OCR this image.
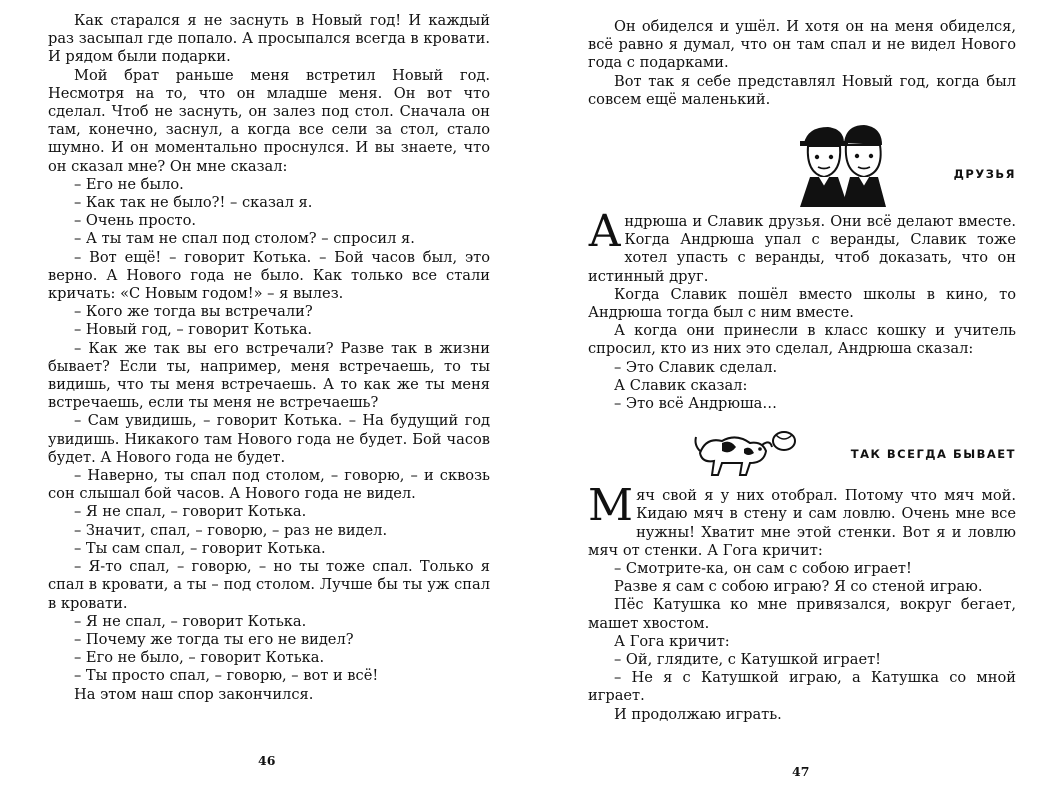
Как старался я не заснуть в Новый год! И каждый раз засыпал где попало. А просыпался всегда в кровати. И рядом были подарки.

Мой брат раньше меня встретил Новый год. Несмотря на то, что он младше меня. Он вот что сделал. Чтоб не заснуть, он залез под стол. Сначала он там, конечно, заснул, а когда все сели за стол, стало шумно. И он моментально проснулся. И вы знаете, что он сказал мне? Он мне сказал:

– Его не было.

– Как так не было?! – сказал я.

– Очень просто.

– А ты там не спал под столом? – спросил я.

– Вот ещё! – говорит Котька. – Бой часов был, это верно. А Нового года не было. Как только все стали кричать: «С Новым годом!» – я вылез.

– Кого же тогда вы встречали?

– Новый год, – говорит Котька.

– Как же так вы его встречали? Разве так в жизни бывает? Если ты, например, меня встречаешь, то ты видишь, что ты меня встречаешь. А то как же ты меня встречаешь, если ты меня не встречаешь?

– Сам увидишь, – говорит Котька. – На будущий год увидишь. Никакого там Нового года не будет. Бой часов будет. А Нового года не будет.

– Наверно, ты спал под столом, – говорю, – и сквозь сон слышал бой часов. А Нового года не видел.

– Я не спал, – говорит Котька.

– Значит, спал, – говорю, – раз не видел.

– Ты сам спал, – говорит Котька.

– Я-то спал, – говорю, – но ты тоже спал. Только я спал в кровати, а ты – под столом. Лучше бы ты уж спал в кровати.

– Я не спал, – говорит Котька.

– Почему же тогда ты его не видел?

– Его не было, – говорит Котька.

– Ты просто спал, – говорю, – вот и всё!

На этом наш спор закончился.

46

Он обиделся и ушёл. И хотя он на меня обиделся, всё равно я думал, что он там спал и не видел Нового года с подарками.

Вот так я себе представлял Новый год, когда был совсем ещё маленький.

ДРУЗЬЯ

Андрюша и Славик друзья. Они всё делают вместе. Когда Андрюша упал с веранды, Славик тоже хотел упасть с веранды, чтоб доказать, что он истинный друг.

Когда Славик пошёл вместо школы в кино, то Андрюша тогда был с ним вместе.

А когда они принесли в класс кошку и учитель спросил, кто из них это сделал, Андрюша сказал:

– Это Славик сделал.

А Славик сказал:

– Это всё Андрюша…

ТАК ВСЕГДА БЫВАЕТ

Мяч свой я у них отобрал. Потому что мяч мой. Кидаю мяч в стену и сам ловлю. Очень мне все нужны! Хватит мне этой стенки. Вот я и ловлю мяч от стенки. А Гога кричит:

– Смотрите-ка, он сам с собою играет!

Разве я сам с собою играю? Я со стеной играю.

Пёс Катушка ко мне привязался, вокруг бегает, машет хвостом.

А Гога кричит:

– Ой, глядите, с Катушкой играет!

– Не я с Катушкой играю, а Катушка со мной играет.

И продолжаю играть.

47
